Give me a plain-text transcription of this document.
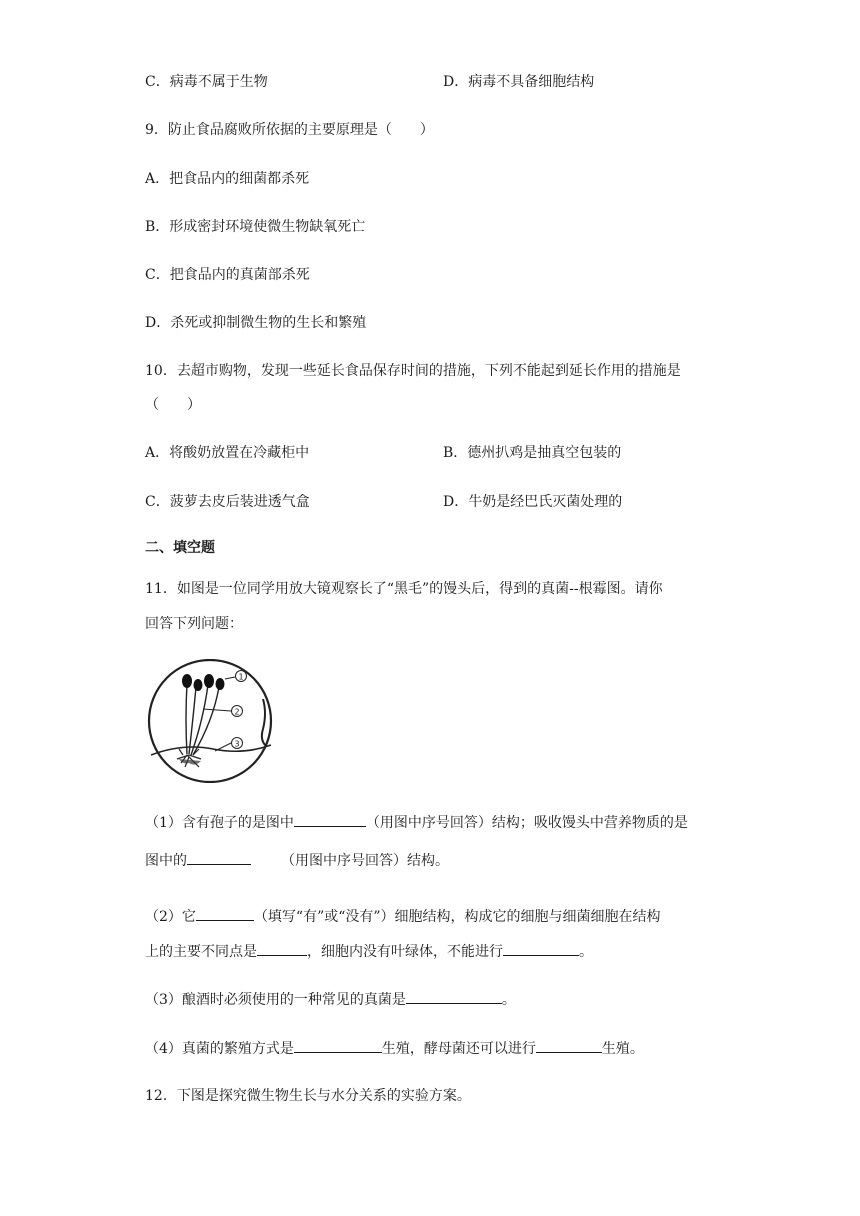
C．病毒不属于生物	D．病毒不具备细胞结构
9．防止食品腐败所依据的主要原理是（　　）
A．把食品内的细菌都杀死
B．形成密封环境使微生物缺氧死亡
C．把食品内的真菌部杀死
D．杀死或抑制微生物的生长和繁殖
10．去超市购物，发现一些延长食品保存时间的措施，下列不能起到延长作用的措施是
（　　）
A．将酸奶放置在冷藏柜中	B．德州扒鸡是抽真空包装的
C．菠萝去皮后装进透气盒	D．牛奶是经巴氏灭菌处理的
二、填空题
11．如图是一位同学用放大镜观察长了“黑毛”的馒头后，得到的真菌--根霉图。请你
回答下列问题：
1
2
3
（1）含有孢子的是图中	（用图中序号回答）结构；吸收馒头中营养物质的是
图中的	（用图中序号回答）结构。
（2）它	（填写“有”或“没有”）细胞结构，构成它的细胞与细菌细胞在结构
上的主要不同点是	，细胞内没有叶绿体，不能进行	。
（3）酿酒时必须使用的一种常见的真菌是	。
（4）真菌的繁殖方式是	生殖，酵母菌还可以进行	生殖。
12．下图是探究微生物生长与水分关系的实验方案。
